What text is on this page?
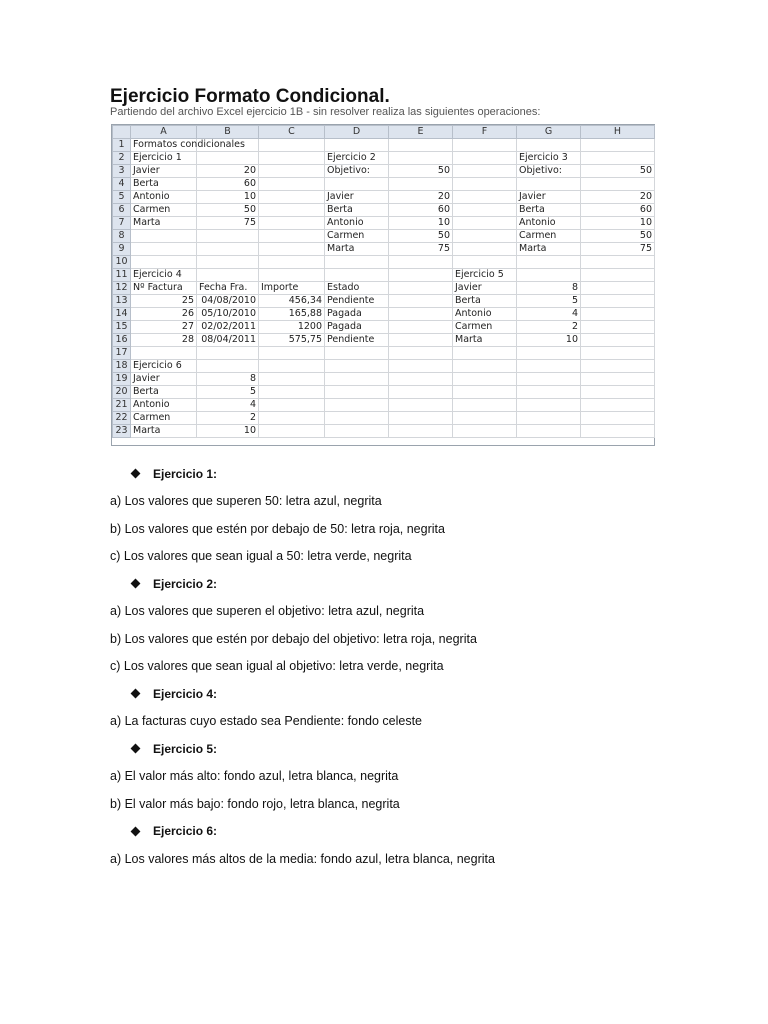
Ejercicio Formato Condicional.
Partiendo del archivo Excel ejercicio 1B - sin resolver realiza las siguientes operaciones:
	A	B	C	D	E	F	G	H
1	Formatos condicionales							
2	Ejercicio 1			Ejercicio 2			Ejercicio 3	
3	Javier	20		Objetivo:	50		Objetivo:	50
4	Berta	60						
5	Antonio	10		Javier	20		Javier	20
6	Carmen	50		Berta	60		Berta	60
7	Marta	75		Antonio	10		Antonio	10
8				Carmen	50		Carmen	50
9				Marta	75		Marta	75
10								
11	Ejercicio 4					Ejercicio 5		
12	Nº Factura	Fecha Fra.	Importe	Estado		Javier	8	
13	25	04/08/2010	456,34	Pendiente		Berta	5	
14	26	05/10/2010	165,88	Pagada		Antonio	4	
15	27	02/02/2011	1200	Pagada		Carmen	2	
16	28	08/04/2011	575,75	Pendiente		Marta	10	
17								
18	Ejercicio 6							
19	Javier	8						
20	Berta	5						
21	Antonio	4						
22	Carmen	2						
23	Marta	10						
Ejercicio 1:
a) Los valores que superen 50: letra azul, negrita
b) Los valores que estén por debajo de 50: letra roja, negrita
c) Los valores que sean igual a 50: letra verde, negrita
Ejercicio 2:
a) Los valores que superen el objetivo: letra azul, negrita
b) Los valores que estén por debajo del objetivo: letra roja, negrita
c) Los valores que sean igual al objetivo: letra verde, negrita
Ejercicio 4:
a) La facturas cuyo estado sea Pendiente: fondo celeste
Ejercicio 5:
a) El valor más alto: fondo azul, letra blanca, negrita
b) El valor más bajo: fondo rojo, letra blanca, negrita
Ejercicio 6:
a) Los valores más altos de la media: fondo azul, letra blanca, negrita
